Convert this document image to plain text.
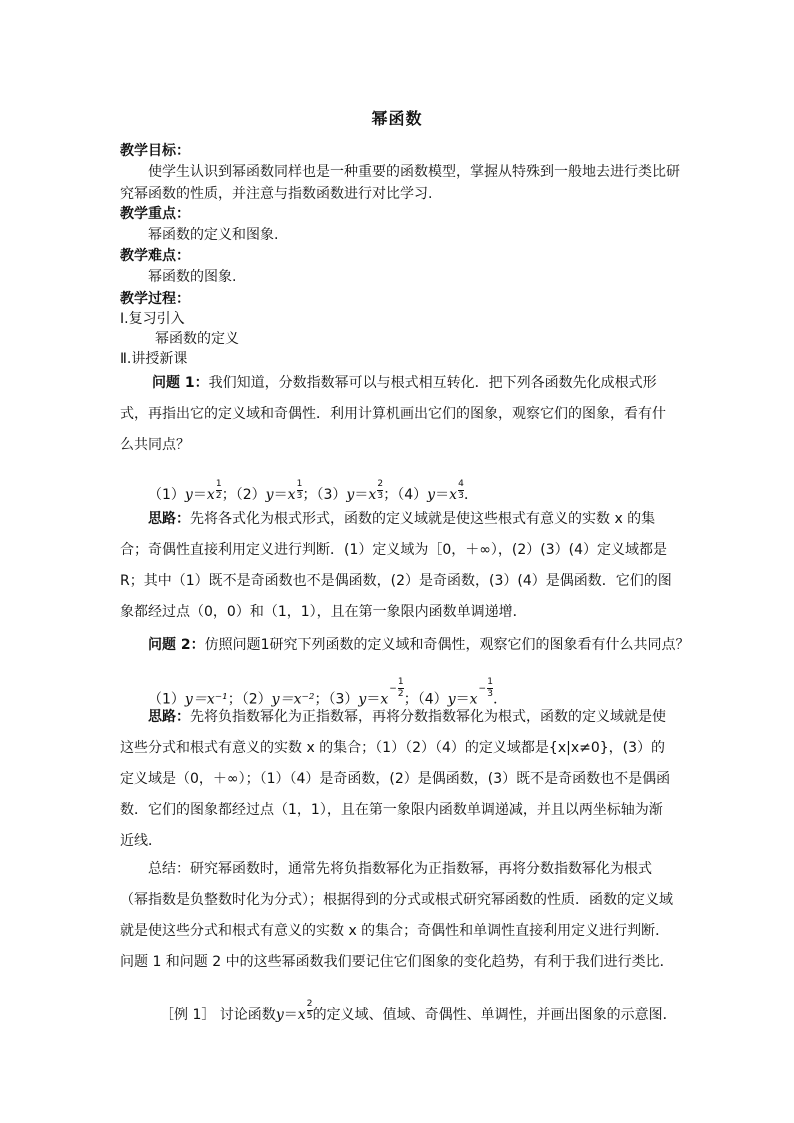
幂函数
教学目标：
使学生认识到幂函数同样也是一种重要的函数模型，掌握从特殊到一般地去进行类比研
究幂函数的性质，并注意与指数函数进行对比学习.
教学重点：
幂函数的定义和图象.
教学难点：
幂函数的图象.
教学过程：
Ⅰ.复习引入
幂函数的定义
Ⅱ.讲授新课
问题 1：我们知道，分数指数幂可以与根式相互转化．把下列各函数先化成根式形式，再指出它的定义域和奇偶性．利用计算机画出它们的图象，观察它们的图象，看有什么共同点？
$(1)y=x \frac{1}{2}$ ；$(2)y=x \frac{1}{3}$ ；$(3)y=x \frac{2}{3}$ ；$(4)y=x \frac{4}{3}$ ．
思路：先将各式化为根式形式，函数的定义域就是使这些根式有意义的实数 x 的集合；奇偶性直接利用定义进行判断．(1）定义域为［0，＋∞），(2）(3）(4）定义域都是 R；其中（1）既不是奇函数也不是偶函数，(2）是奇函数，(3）(4）是偶函数．它们的图象都经过点（0，0）和（1，1），且在第一象限内函数单调递增．
问题 2：仿照问题1研究下列函数的定义域和奇偶性，观察它们的图象看有什么共同点？
（1）y＝x⁻¹；（2）y＝x⁻²；（3）y＝x
− $\frac{1}{2}$
；（4）y＝x
− $\frac{1}{3}$
．
思路：先将负指数幂化为正指数幂，再将分数指数幂化为根式，函数的定义域就是使这些分式和根式有意义的实数 x 的集合；（1）（2）（4）的定义域都是{x|x≠0}，(3）的定义域是（0，＋∞）；（1）（4）是奇函数，(2）是偶函数，(3）既不是奇函数也不是偶函数．它们的图象都经过点（1，1），且在第一象限内函数单调递减，并且以两坐标轴为渐近线．
总结：研究幂函数时，通常先将负指数幂化为正指数幂，再将分数指数幂化为根式（幂指数是负整数时化为分式）；根据得到的分式或根式研究幂函数的性质．函数的定义域就是使这些分式和根式有意义的实数 x 的集合；奇偶性和单调性直接利用定义进行判断．问题 1 和问题 2 中的这些幂函数我们要记住它们图象的变化趋势，有利于我们进行类比．
［例 1］ 讨论函数$y=x \frac{2}{5}$ 的定义域、值域、奇偶性、单调性，并画出图象的示意图．
